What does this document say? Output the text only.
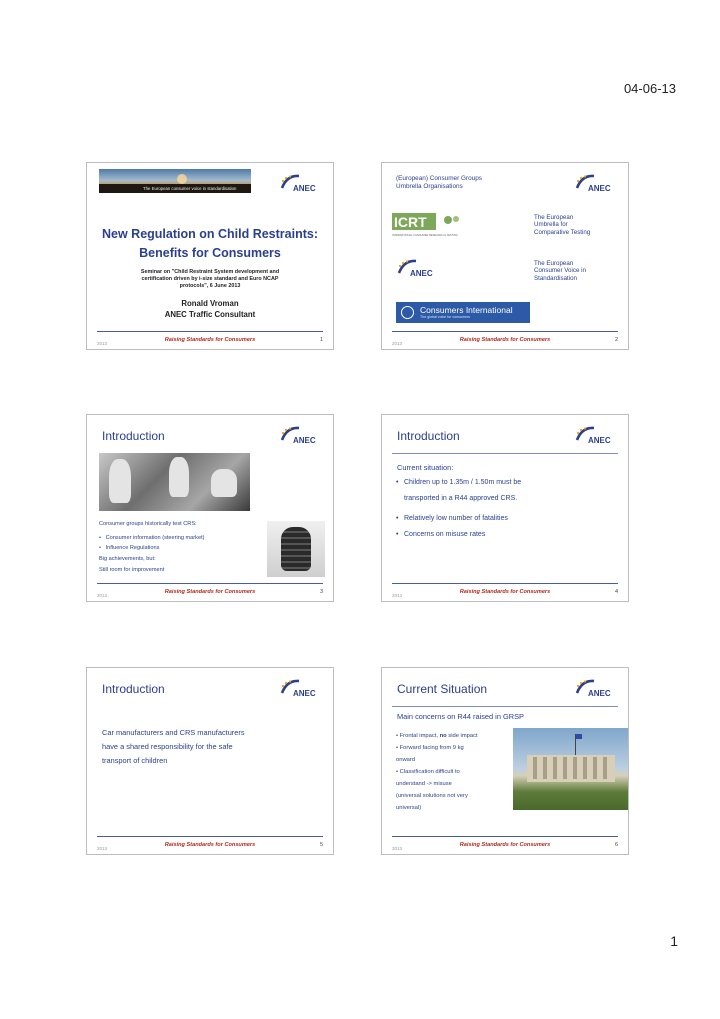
04-06-13
The European consumer voice in standardisation	ANEC
New Regulation on Child Restraints:
Benefits for Consumers
Seminar on "Child Restraint System development and
certification driven by i-size standard and Euro NCAP
protocols", 6 June 2013
Ronald Vroman
ANEC Traffic Consultant
Raising Standards for Consumers
2013
1
(European) Consumer Groups
Umbrella Organisations	ANEC
ICRT
INTERNATIONAL CONSUMER RESEARCH & TESTING
The European
Umbrella for
Comparative Testing
ANEC
The European
Consumer Voice in
Standardisation
Consumers International
The global voice for consumers
Raising Standards for Consumers
2013
2
Introduction	ANEC
Consumer groups historically test CRS:
•   Consumer information (steering market)
•   Influence Regulations
Big achievements, but:
Still room for improvement
Raising Standards for Consumers
2013
3
Introduction	ANEC
Current situation:
• Children up to 1.35m / 1.50m must be
transported in a R44 approved CRS.
• Relatively low number of fatalities
• Concerns on misuse rates
Raising Standards for Consumers
2013
4
Introduction	ANEC
Car manufacturers and CRS manufacturers
have a shared responsibility for the safe
transport of children
Raising Standards for Consumers
2013
5
Current Situation	ANEC
Main concerns on R44 raised in GRSP
• Frontal impact, no side impact
• Forward facing from 9 kg
onward
• Classification difficult to
understand -> misuse
(universal solutions not very
universal)
Raising Standards for Consumers
2013
6
1
